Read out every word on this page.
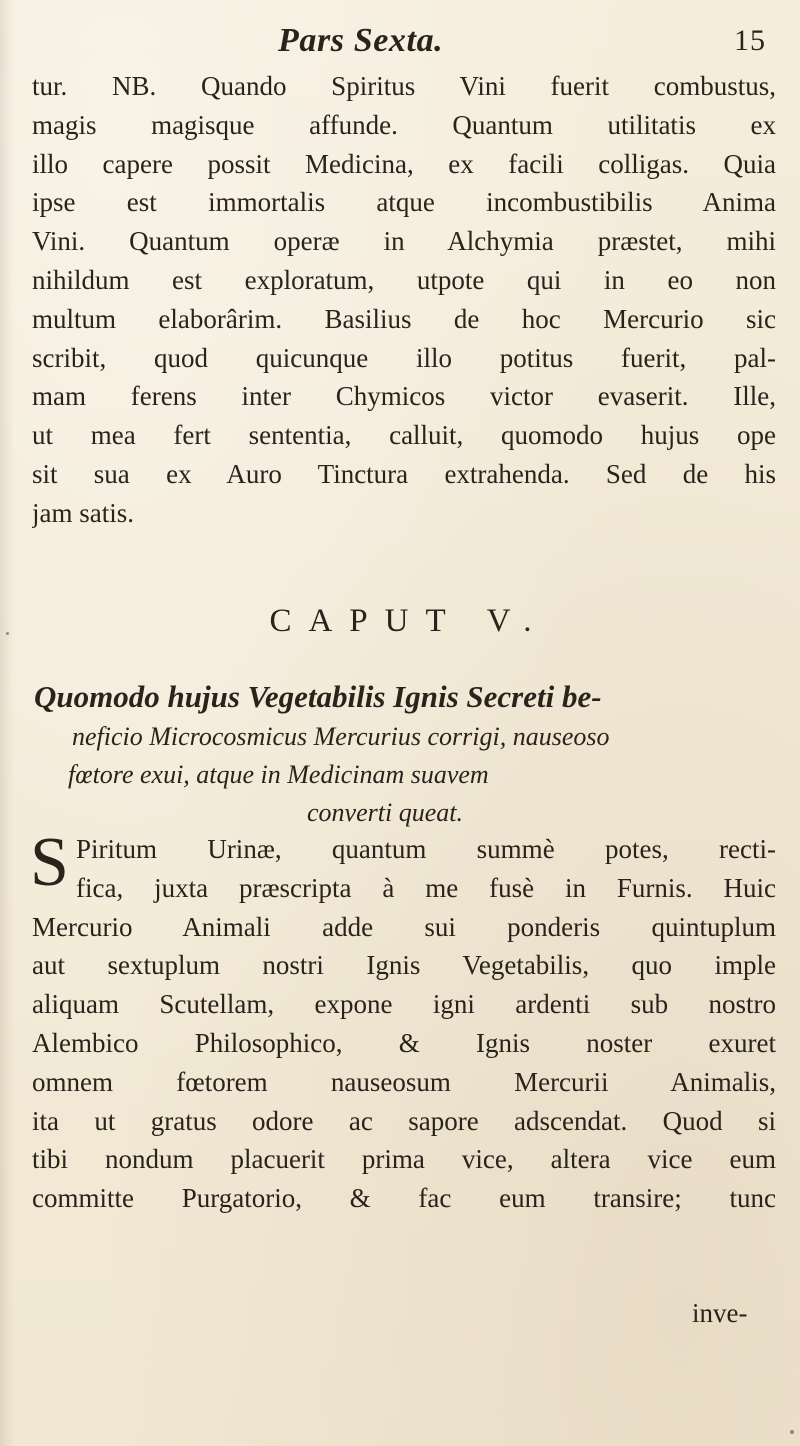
Pars Sexta.	15
tur. NB. Quando Spiritus Vini fuerit combustus,
magis magisque affunde. Quantum utilitatis ex
illo capere possit Medicina, ex facili colligas. Quia
ipse est immortalis atque incombustibilis Anima
Vini. Quantum operæ in Alchymia præstet, mihi
nihildum est exploratum, utpote qui in eo non
multum elaborârim. Basilius de hoc Mercurio sic
scribit, quod quicunque illo potitus fuerit, pal-
mam ferens inter Chymicos victor evaserit. Ille,
ut mea fert sententia, calluit, quomodo hujus ope
sit sua ex Auro Tinctura extrahenda. Sed de his
jam satis.
CAPUT V.
Quomodo hujus Vegetabilis Ignis Secreti be-
neficio Microcosmicus Mercurius corrigi, nauseoso
fœtore exui, atque in Medicinam suavem
converti queat.
S Piritum Urinæ, quantum summè potes, recti-
fica, juxta præscripta à me fusè in Furnis. Huic
Mercurio Animali adde sui ponderis quintuplum
aut sextuplum nostri Ignis Vegetabilis, quo imple
aliquam Scutellam, expone igni ardenti sub nostro
Alembico Philosophico, & Ignis noster exuret
omnem fœtorem nauseosum Mercurii Animalis,
ita ut gratus odore ac sapore adscendat. Quod si
tibi nondum placuerit prima vice, altera vice eum
committe Purgatorio, & fac eum transire; tunc
inve-
